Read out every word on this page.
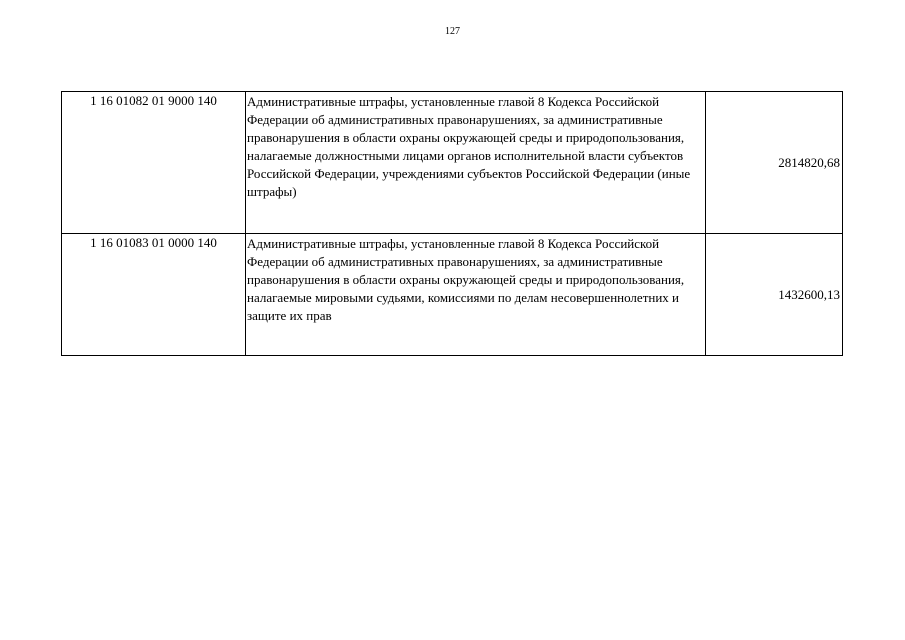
127
1 16 01082 01 9000 140	Административные штрафы, установленные главой 8 Кодекса Российской Федерации об административных правонарушениях, за административные правонарушения в области охраны окружающей среды и природопользования, налагаемые должностными лицами органов исполнительной власти субъектов Российской Федерации, учреждениями субъектов Российской Федерации (иные штрафы)	2814820,68
1 16 01083 01 0000 140	Административные штрафы, установленные главой 8 Кодекса Российской Федерации об административных правонарушениях, за административные правонарушения в области охраны окружающей среды и природопользования, налагаемые мировыми судьями, комиссиями по делам несовершеннолетних и защите их прав	1432600,13
